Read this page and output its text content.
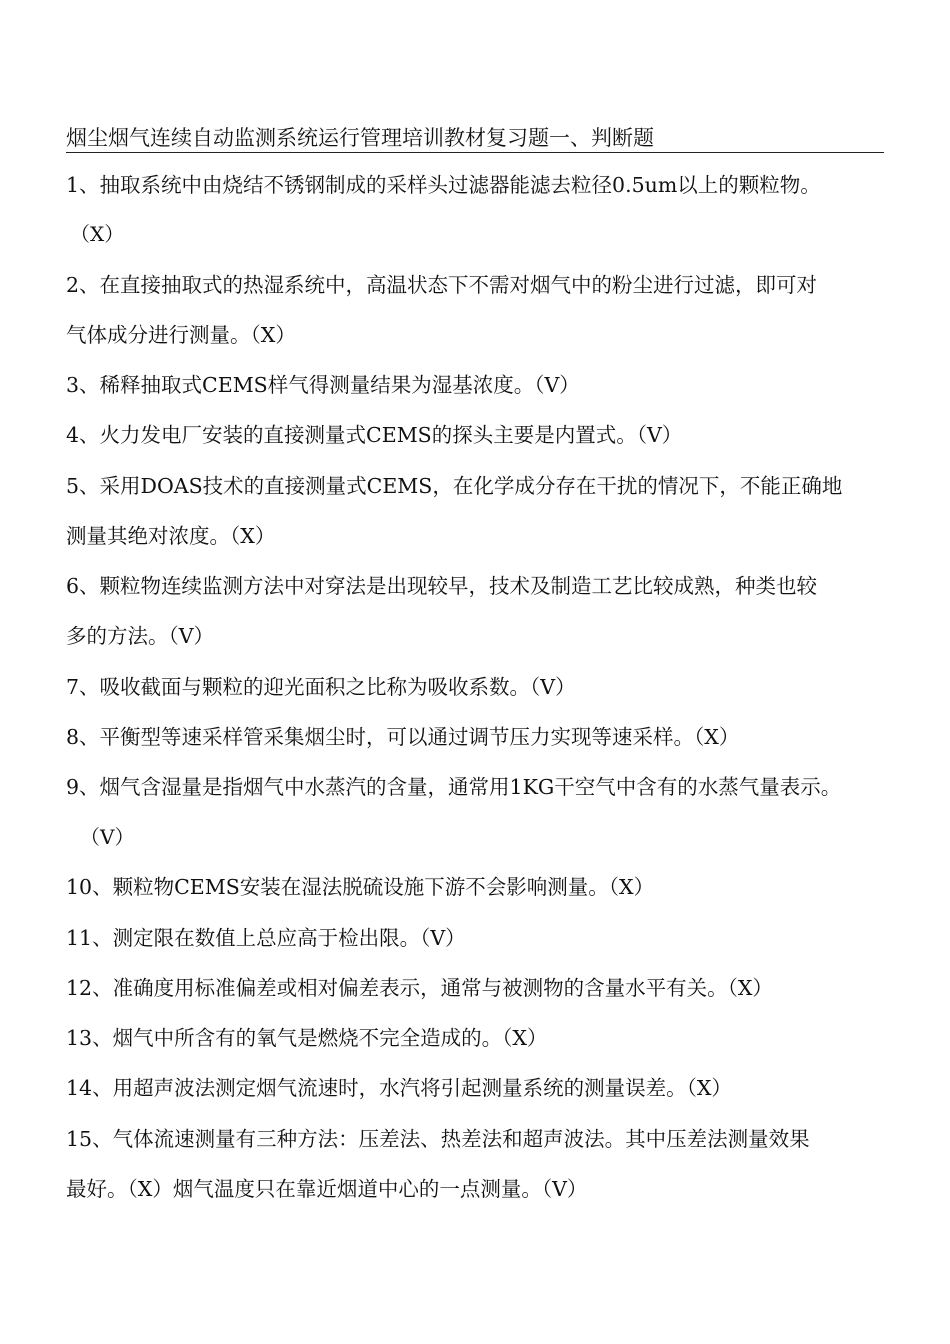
烟尘烟气连续自动监测系统运行管理培训教材复习题一、判断题
1、抽取系统中由烧结不锈钢制成的采样头过滤器能滤去粒径0.5um以上的颗粒物。
（X）
2、在直接抽取式的热湿系统中，高温状态下不需对烟气中的粉尘进行过滤，即可对
气体成分进行测量。（X）
3、稀释抽取式CEMS样气得测量结果为湿基浓度。（V）
4、火力发电厂安装的直接测量式CEMS的探头主要是内置式。（V）
5、采用DOAS技术的直接测量式CEMS，在化学成分存在干扰的情况下，不能正确地
测量其绝对浓度。（X）
6、颗粒物连续监测方法中对穿法是出现较早，技术及制造工艺比较成熟，种类也较
多的方法。（V）
7、吸收截面与颗粒的迎光面积之比称为吸收系数。（V）
8、平衡型等速采样管采集烟尘时，可以通过调节压力实现等速采样。（X）
9、烟气含湿量是指烟气中水蒸汽的含量，通常用1KG干空气中含有的水蒸气量表示。
（V）
10、颗粒物CEMS安装在湿法脱硫设施下游不会影响测量。（X）
11、测定限在数值上总应高于检出限。（V）
12、准确度用标准偏差或相对偏差表示，通常与被测物的含量水平有关。（X）
13、烟气中所含有的氧气是燃烧不完全造成的。（X）
14、用超声波法测定烟气流速时，水汽将引起测量系统的测量误差。（X）
15、气体流速测量有三种方法：压差法、热差法和超声波法。其中压差法测量效果
最好。（X）烟气温度只在靠近烟道中心的一点测量。（V）
